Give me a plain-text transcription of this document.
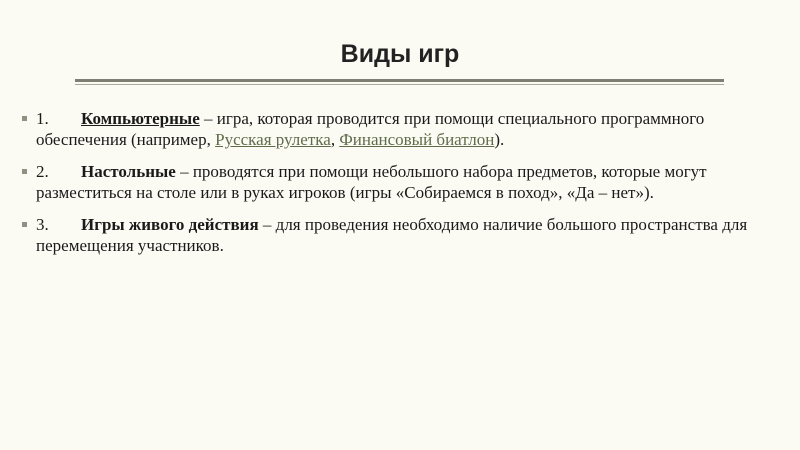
Виды игр
1. Компьютерные – игра, которая проводится при помощи специального программного обеспечения (например, Русская рулетка, Финансовый биатлон).
2. Настольные – проводятся при помощи небольшого набора предметов, которые могут разместиться на столе или в руках игроков (игры «Собираемся в поход», «Да – нет»).
3. Игры живого действия – для проведения необходимо наличие большого пространства для перемещения участников.
